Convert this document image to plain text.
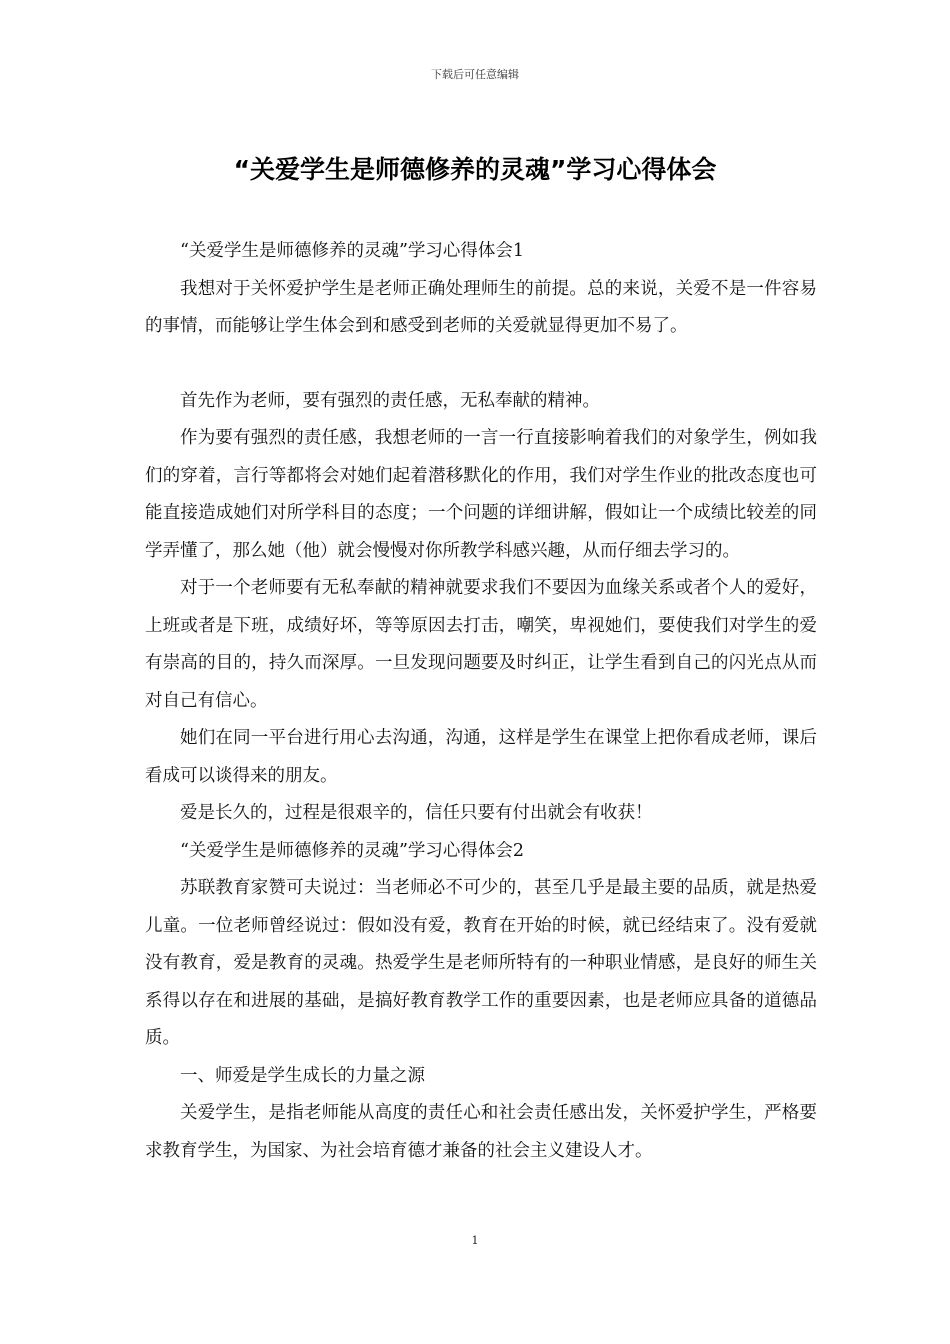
下载后可任意编辑
“关爱学生是师德修养的灵魂”学习心得体会

“关爱学生是师德修养的灵魂”学习心得体会1

我想对于关怀爱护学生是老师正确处理师生的前提。总的来说，关爱不是一件容易的事情，而能够让学生体会到和感受到老师的关爱就显得更加不易了。

首先作为老师，要有强烈的责任感，无私奉献的精神。

作为要有强烈的责任感，我想老师的一言一行直接影响着我们的对象学生，例如我们的穿着，言行等都将会对她们起着潜移默化的作用，我们对学生作业的批改态度也可能直接造成她们对所学科目的态度；一个问题的详细讲解，假如让一个成绩比较差的同学弄懂了，那么她（他）就会慢慢对你所教学科感兴趣，从而仔细去学习的。

对于一个老师要有无私奉献的精神就要求我们不要因为血缘关系或者个人的爱好，上班或者是下班，成绩好坏，等等原因去打击，嘲笑，卑视她们，要使我们对学生的爱有崇高的目的，持久而深厚。一旦发现问题要及时纠正，让学生看到自己的闪光点从而对自己有信心。

她们在同一平台进行用心去沟通，沟通，这样是学生在课堂上把你看成老师，课后看成可以谈得来的朋友。

爱是长久的，过程是很艰辛的，信任只要有付出就会有收获！

“关爱学生是师德修养的灵魂”学习心得体会2

苏联教育家赞可夫说过：当老师必不可少的，甚至几乎是最主要的品质，就是热爱儿童。一位老师曾经说过：假如没有爱，教育在开始的时候，就已经结束了。没有爱就没有教育，爱是教育的灵魂。热爱学生是老师所特有的一种职业情感，是良好的师生关系得以存在和进展的基础，是搞好教育教学工作的重要因素，也是老师应具备的道德品质。

一、师爱是学生成长的力量之源

关爱学生，是指老师能从高度的责任心和社会责任感出发，关怀爱护学生，严格要求教育学生，为国家、为社会培育德才兼备的社会主义建设人才。

1
